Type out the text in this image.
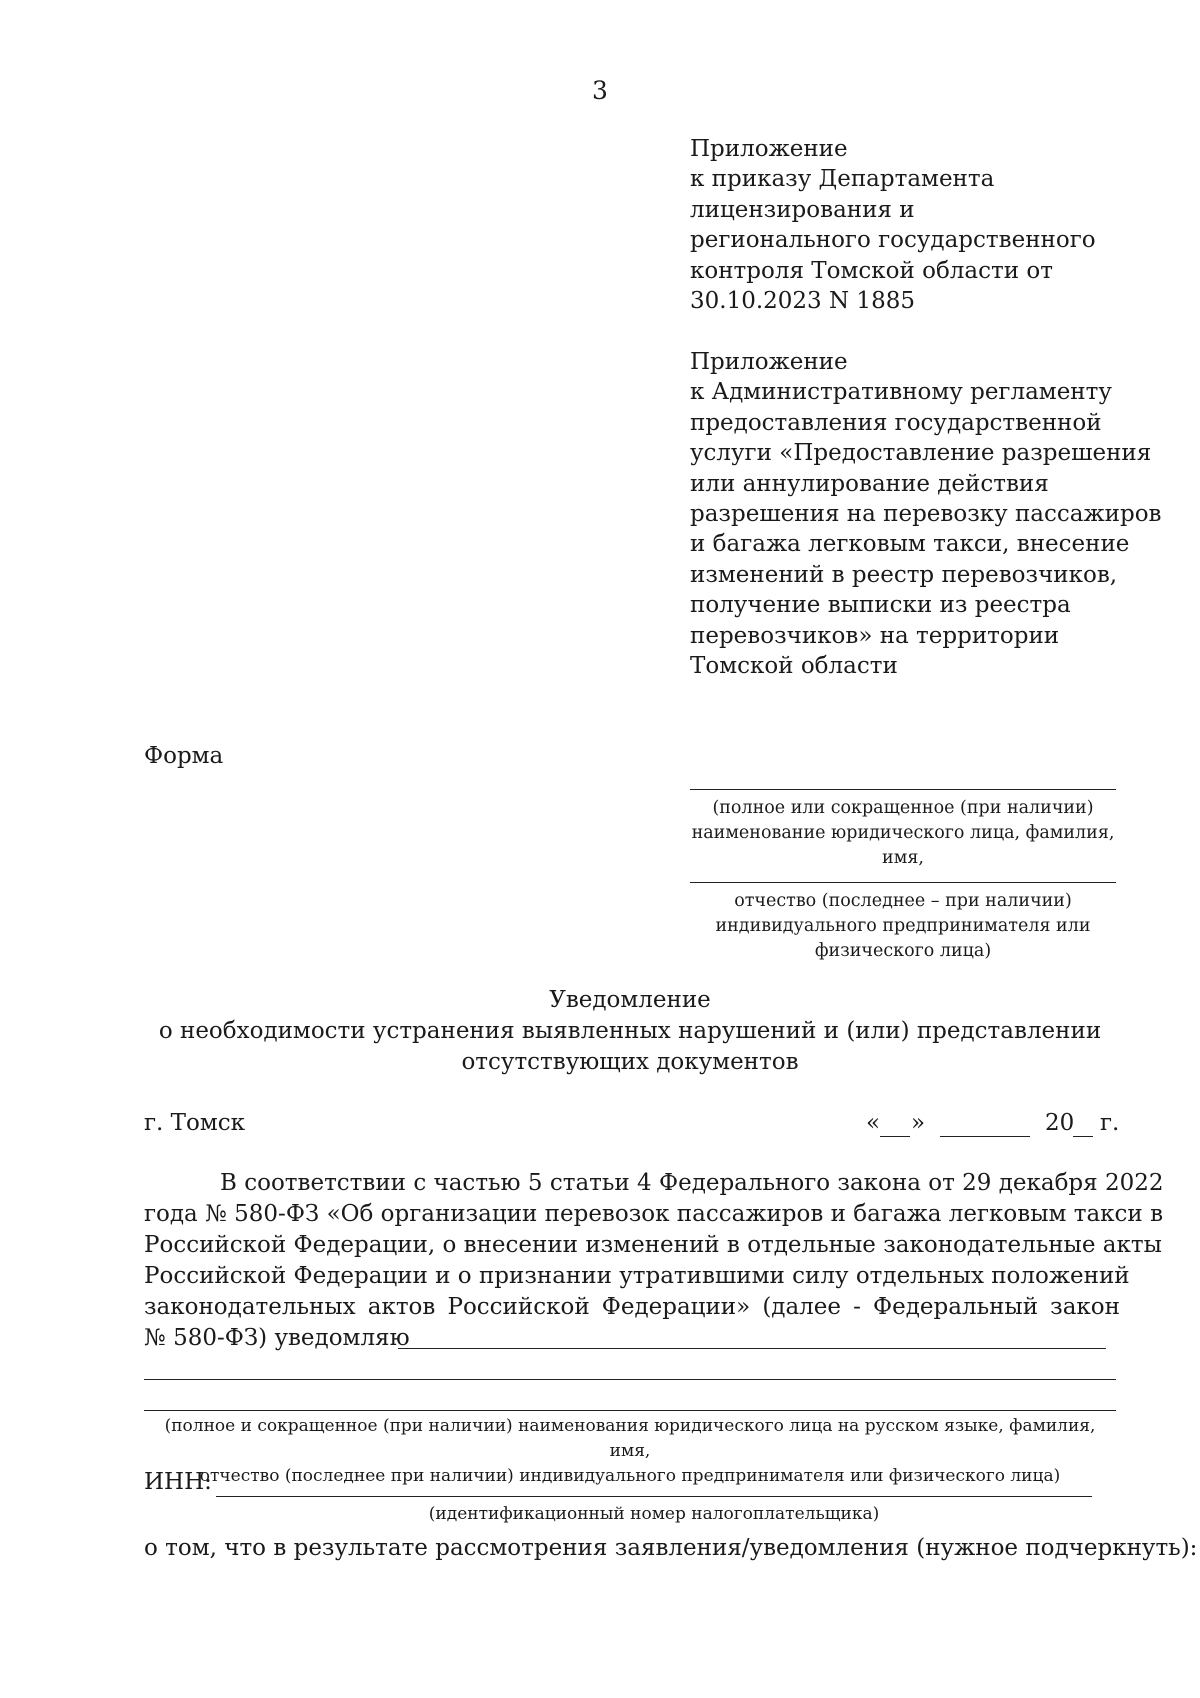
3
Приложение
к приказу Департамента
лицензирования и
регионального государственного
контроля Томской области от
30.10.2023 N 1885
Приложение
к Административному регламенту
предоставления государственной
услуги «Предоставление разрешения
или аннулирование действия
разрешения на перевозку пассажиров
и багажа легковым такси, внесение
изменений в реестр перевозчиков,
получение выписки из реестра
перевозчиков» на территории
Томской области
Форма
(полное или сокращенное (при наличии)
наименование юридического лица, фамилия,
имя,
отчество (последнее – при наличии)
индивидуального предпринимателя или
физического лица)
Уведомление
о необходимости устранения выявленных нарушений и (или) представлении
отсутствующих документов
г. Томск	« »	20 г.
В соответствии с частью 5 статьи 4 Федерального закона от 29 декабря 2022
года № 580-ФЗ «Об организации перевозок пассажиров и багажа легковым такси в
Российской Федерации, о внесении изменений в отдельные законодательные акты
Российской Федерации и о признании утратившими силу отдельных положений
законодательных актов Российской Федерации» (далее - Федеральный закон
№ 580-ФЗ) уведомляю
(полное и сокращенное (при наличии) наименования юридического лица на русском языке, фамилия, имя,
отчество (последнее при наличии) индивидуального предпринимателя или физического лица)
ИНН:
(идентификационный номер налогоплательщика)
о том, что в результате рассмотрения заявления/уведомления (нужное подчеркнуть):
